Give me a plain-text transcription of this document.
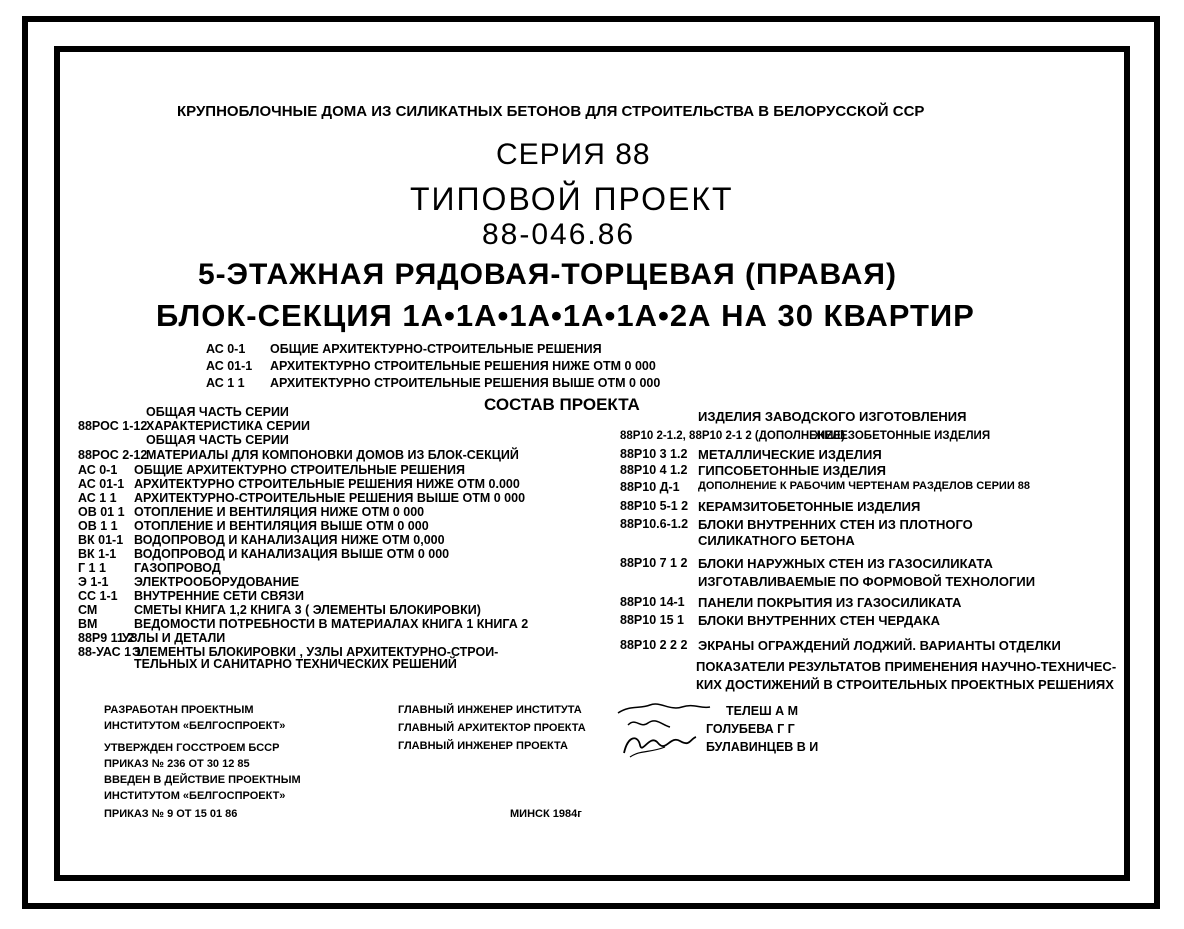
КРУПНОБЛОЧНЫЕ ДОМА ИЗ СИЛИКАТНЫХ БЕТОНОВ ДЛЯ СТРОИТЕЛЬСТВА В БЕЛОРУССКОЙ ССР
СЕРИЯ 88
ТИПОВОЙ ПРОЕКТ
88-046.86
5-ЭТАЖНАЯ РЯДОВАЯ-ТОРЦЕВАЯ (ПРАВАЯ)
БЛОК-СЕКЦИЯ 1А•1А•1А•1А•1А•2А НА 30 КВАРТИР
АС 0-1 ОБЩИЕ АРХИТЕКТУРНО-СТРОИТЕЛЬНЫЕ РЕШЕНИЯ
АС 01-1 АРХИТЕКТУРНО СТРОИТЕЛЬНЫЕ РЕШЕНИЯ НИЖЕ ОТМ 0 000
АС 1 1 АРХИТЕКТУРНО СТРОИТЕЛЬНЫЕ РЕШЕНИЯ ВЫШЕ ОТМ 0 000
СОСТАВ ПРОЕКТА
ОБЩАЯ ЧАСТЬ СЕРИИ
ОБЩАЯ ЧАСТЬ СЕРИИ
88РОС 1-12
ХАРАКТЕРИСТИКА СЕРИИ
88РОС 2-12
МАТЕРИАЛЫ ДЛЯ КОМПОНОВКИ ДОМОВ ИЗ БЛОК-СЕКЦИЙ
АС 0-1 ОБЩИЕ АРХИТЕКТУРНО СТРОИТЕЛЬНЫЕ РЕШЕНИЯ
АС 01-1 АРХИТЕКТУРНО СТРОИТЕЛЬНЫЕ РЕШЕНИЯ НИЖЕ ОТМ 0.000
АС 1 1 АРХИТЕКТУРНО-СТРОИТЕЛЬНЫЕ РЕШЕНИЯ ВЫШЕ ОТМ 0 000
ОВ 01 1 ОТОПЛЕНИЕ И ВЕНТИЛЯЦИЯ НИЖЕ ОТМ 0 000
ОВ 1 1 ОТОПЛЕНИЕ И ВЕНТИЛЯЦИЯ ВЫШЕ ОТМ 0 000
ВК 01-1 ВОДОПРОВОД И КАНАЛИЗАЦИЯ НИЖЕ ОТМ 0,000
ВК 1-1 ВОДОПРОВОД И КАНАЛИЗАЦИЯ ВЫШЕ ОТМ 0 000
Г 1 1 ГАЗОПРОВОД
Э 1-1 ЭЛЕКТРООБОРУДОВАНИЕ
СС 1-1 ВНУТРЕННИЕ СЕТИ СВЯЗИ
СМ	СМЕТЫ КНИГА 1,2 КНИГА 3 ( ЭЛЕМЕНТЫ БЛОКИРОВКИ)
ВМ	ВЕДОМОСТИ ПОТРЕБНОСТИ В МАТЕРИАЛАХ КНИГА 1 КНИГА 2
88Р9 11 2
УЗЛЫ И ДЕТАЛИ
88-УАС 1 1
ЭЛЕМЕНТЫ БЛОКИРОВКИ , УЗЛЫ АРХИТЕКТУРНО-СТРОИ-
ТЕЛЬНЫХ И САНИТАРНО ТЕХНИЧЕСКИХ РЕШЕНИЙ
ИЗДЕЛИЯ ЗАВОДСКОГО ИЗГОТОВЛЕНИЯ
88Р10 2-1.2, 88Р10 2-1 2 (ДОПОЛНЕНИЕ)
ЖЕЛЕЗОБЕТОННЫЕ ИЗДЕЛИЯ
88Р10 3 1.2 МЕТАЛЛИЧЕСКИЕ ИЗДЕЛИЯ
88Р10 4 1.2 ГИПСОБЕТОННЫЕ ИЗДЕЛИЯ
88Р10 Д-1 ДОПОЛНЕНИЕ К РАБОЧИМ ЧЕРТЕНАМ РАЗДЕЛОВ СЕРИИ 88
88Р10 5-1 2 КЕРАМЗИТОБЕТОННЫЕ ИЗДЕЛИЯ
88Р10.6-1.2 БЛОКИ ВНУТРЕННИХ СТЕН ИЗ ПЛОТНОГО
СИЛИКАТНОГО БЕТОНА
88Р10 7 1 2 БЛОКИ НАРУЖНЫХ СТЕН ИЗ ГАЗОСИЛИКАТА
ИЗГОТАВЛИВАЕМЫЕ ПО ФОРМОВОЙ ТЕХНОЛОГИИ
88Р10 14-1 ПАНЕЛИ ПОКРЫТИЯ ИЗ ГАЗОСИЛИКАТА
88Р10 15 1 БЛОКИ ВНУТРЕННИХ СТЕН ЧЕРДАКА
88Р10 2 2 2 ЭКРАНЫ ОГРАЖДЕНИЙ ЛОДЖИЙ. ВАРИАНТЫ ОТДЕЛКИ
ПОКАЗАТЕЛИ РЕЗУЛЬТАТОВ ПРИМЕНЕНИЯ НАУЧНО-ТЕХНИЧЕС-
КИХ ДОСТИЖЕНИЙ В СТРОИТЕЛЬНЫХ ПРОЕКТНЫХ РЕШЕНИЯХ
РАЗРАБОТАН ПРОЕКТНЫМ
ИНСТИТУТОМ «БЕЛГОСПРОЕКТ»
УТВЕРЖДЕН ГОССТРОЕМ БССР
ПРИКАЗ № 236 ОТ 30 12 85
ВВЕДЕН В ДЕЙСТВИЕ ПРОЕКТНЫМ
ИНСТИТУТОМ «БЕЛГОСПРОЕКТ»
ПРИКАЗ № 9 ОТ 15 01 86
ГЛАВНЫЙ ИНЖЕНЕР ИНСТИТУТА
ГЛАВНЫЙ АРХИТЕКТОР ПРОЕКТА
ГЛАВНЫЙ ИНЖЕНЕР ПРОЕКТА
ТЕЛЕШ А М
ГОЛУБЕВА Г Г
БУЛАВИНЦЕВ В И
МИНСК 1984г
